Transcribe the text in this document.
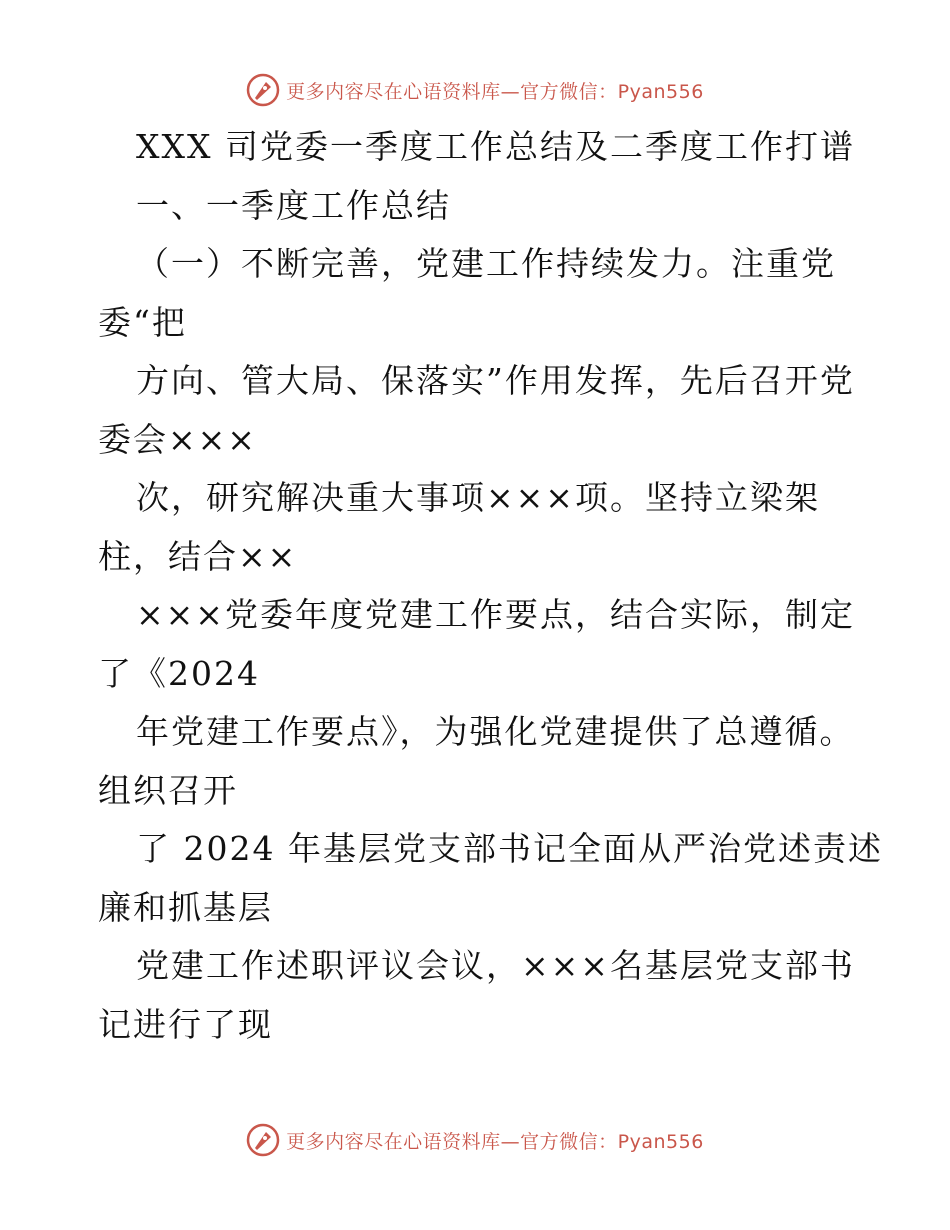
更多内容尽在心语资料库—官方微信：Pyan556
XXX 司党委一季度工作总结及二季度工作打谱
一、一季度工作总结
（一）不断完善，党建工作持续发力。注重党
委“把
方向、管大局、保落实”作用发挥，先后召开党
委会×××
次，研究解决重大事项×××项。坚持立梁架
柱，结合××
×××党委年度党建工作要点，结合实际，制定
了《2024
年党建工作要点》，为强化党建提供了总遵循。
组织召开
了 2024 年基层党支部书记全面从严治党述责述
廉和抓基层
党建工作述职评议会议，×××名基层党支部书
记进行了现
更多内容尽在心语资料库—官方微信：Pyan556
